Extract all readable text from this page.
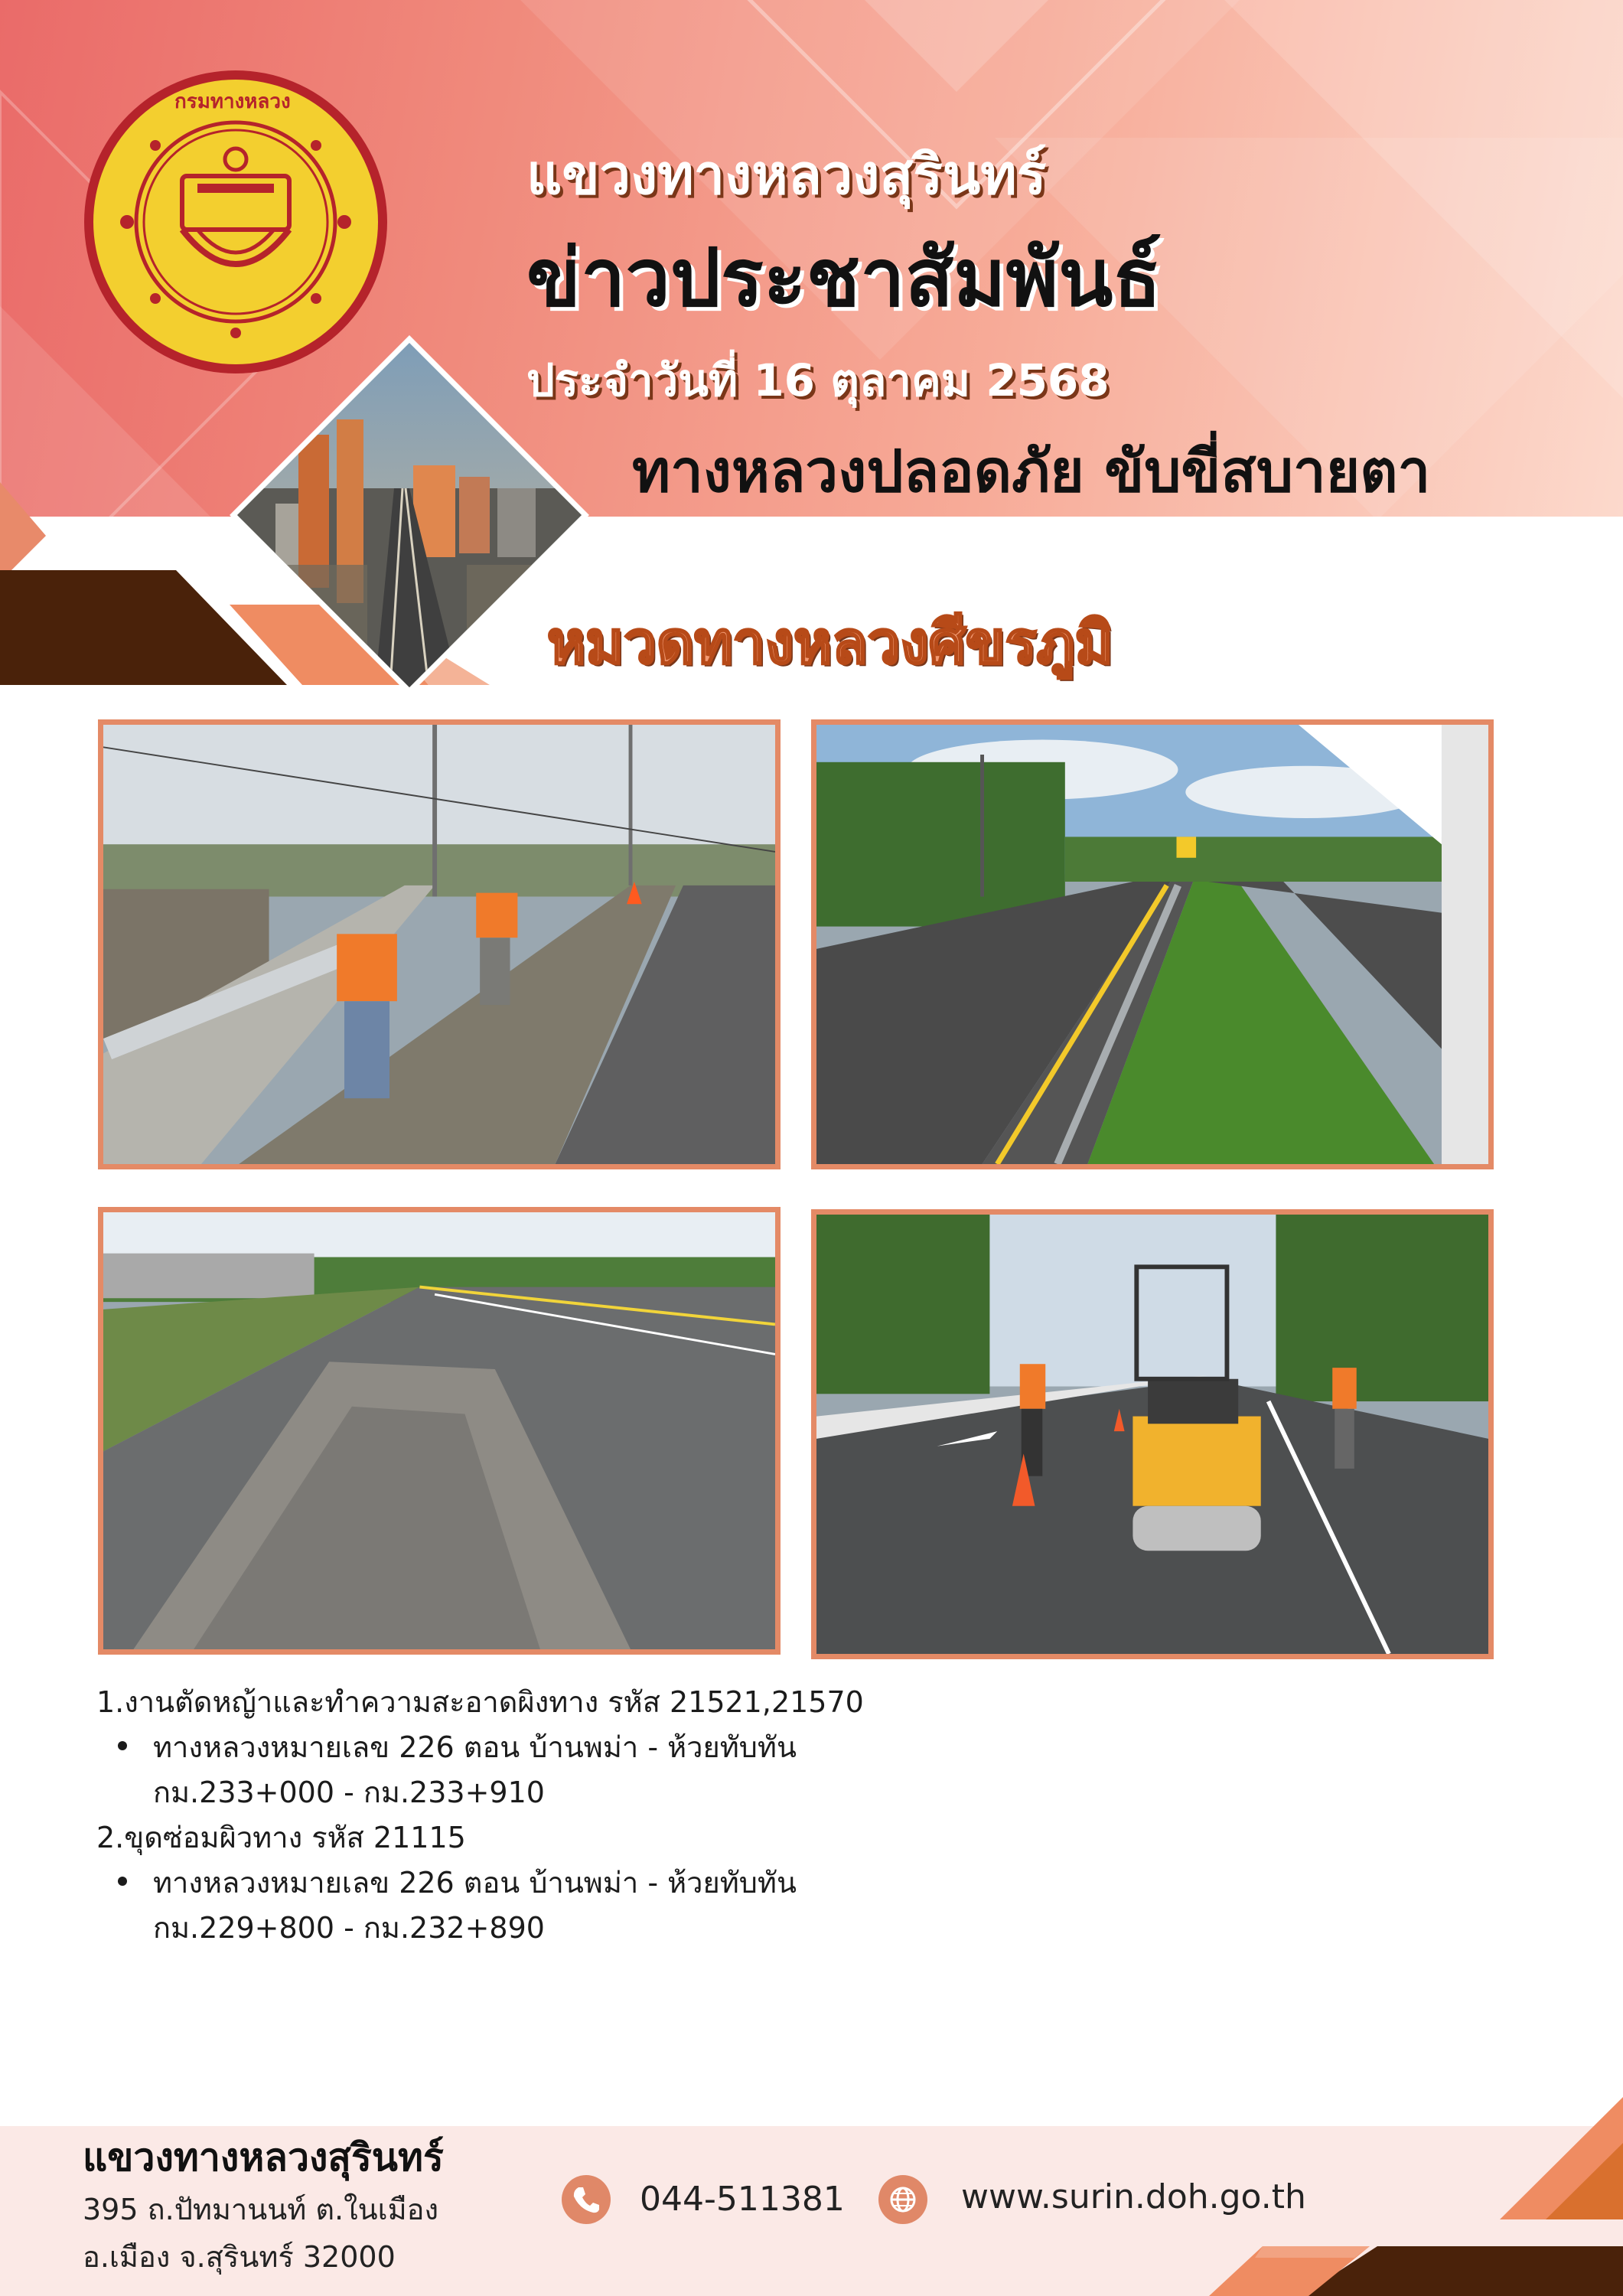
กรมทางหลวง
แขวงทางหลวงสุรินทร์
ข่าวประชาสัมพันธ์
ประจำวันที่ 16 ตุลาคม 2568
ทางหลวงปลอดภัย ขับขี่สบายตา
หมวดทางหลวงศีขรภูมิ
1.งานตัดหญ้าและทำความสะอาดผิงทาง รหัส 21521,21570
ทางหลวงหมายเลข 226 ตอน บ้านพม่า - ห้วยทับทัน
กม.233+000 - กม.233+910
2.ขุดซ่อมผิวทาง รหัส 21115
ทางหลวงหมายเลข 226 ตอน บ้านพม่า - ห้วยทับทัน
กม.229+800 - กม.232+890
แขวงทางหลวงสุรินทร์
395 ถ.ปัทมานนท์ ต.ในเมือง
อ.เมือง จ.สุรินทร์ 32000
044-511381	www.surin.doh.go.th
